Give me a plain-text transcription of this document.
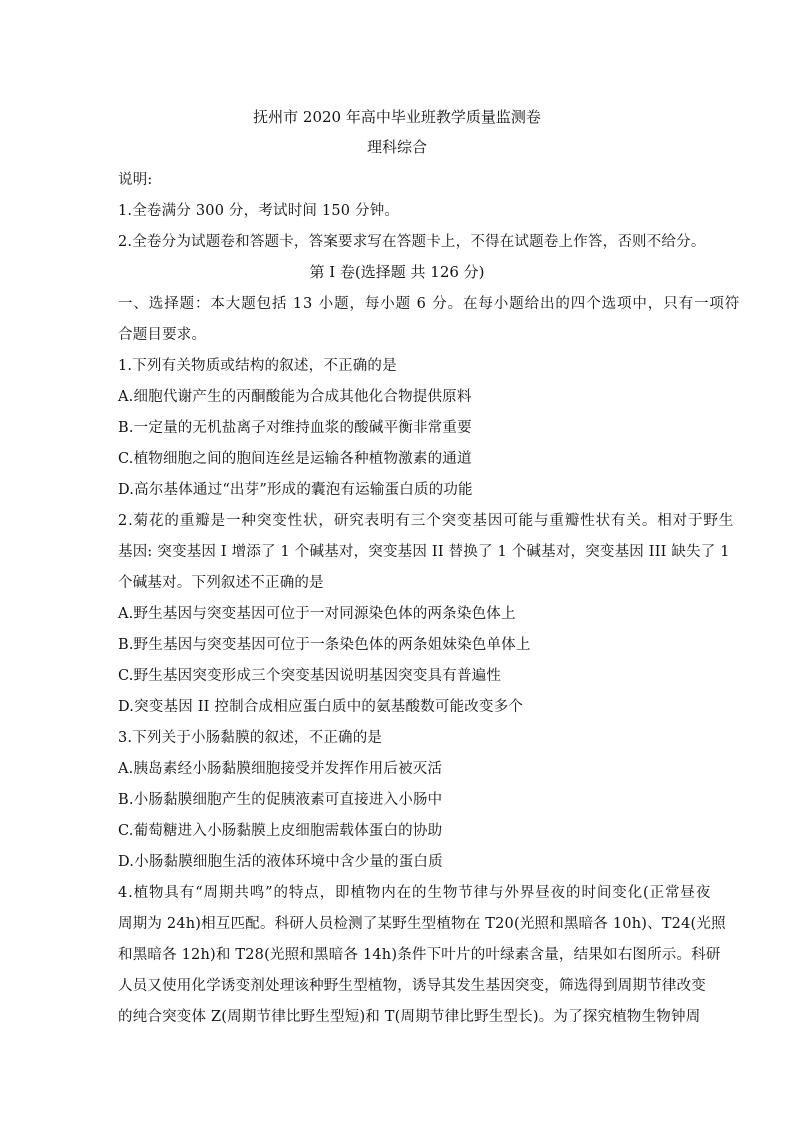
抚州市 2020 年高中毕业班教学质量监测卷
理科综合
说明:
1.全卷满分 300 分，考试时间 150 分钟。
2.全卷分为试题卷和答题卡，答案要求写在答题卡上，不得在试题卷上作答，否则不给分。
第 I 卷(选择题 共 126 分)
一、选择题：本大题包括 13 小题，每小题 6 分。在每小题给出的四个选项中，只有一项符
合题目要求。
1.下列有关物质或结构的叙述，不正确的是
A.细胞代谢产生的丙酮酸能为合成其他化合物提供原料
B.一定量的无机盐离子对维持血浆的酸碱平衡非常重要
C.植物细胞之间的胞间连丝是运输各种植物激素的通道
D.高尔基体通过“出芽”形成的囊泡有运输蛋白质的功能
2.菊花的重瓣是一种突变性状，研究表明有三个突变基因可能与重瓣性状有关。相对于野生
基因: 突变基因 I 增添了 1 个碱基对，突变基因 II 替换了 1 个碱基对，突变基因 III 缺失了 1
个碱基对。下列叙述不正确的是
A.野生基因与突变基因可位于一对同源染色体的两条染色体上
B.野生基因与突变基因可位于一条染色体的两条姐妹染色单体上
C.野生基因突变形成三个突变基因说明基因突变具有普遍性
D.突变基因 II 控制合成相应蛋白质中的氨基酸数可能改变多个
3.下列关于小肠黏膜的叙述，不正确的是
A.胰岛素经小肠黏膜细胞接受并发挥作用后被灭活
B.小肠黏膜细胞产生的促胰液素可直接进入小肠中
C.葡萄糖进入小肠黏膜上皮细胞需载体蛋白的协助
D.小肠黏膜细胞生活的液体环境中含少量的蛋白质
4.植物具有“周期共鸣”的特点，即植物内在的生物节律与外界昼夜的时间变化(正常昼夜
周期为 24h)相互匹配。科研人员检测了某野生型植物在 T20(光照和黑暗各 10h)、T24(光照
和黑暗各 12h)和 T28(光照和黑暗各 14h)条件下叶片的叶绿素含量，结果如右图所示。科研
人员又使用化学诱变剂处理该种野生型植物，诱导其发生基因突变，筛选得到周期节律改变
的纯合突变体 Z(周期节律比野生型短)和 T(周期节律比野生型长)。为了探究植物生物钟周
